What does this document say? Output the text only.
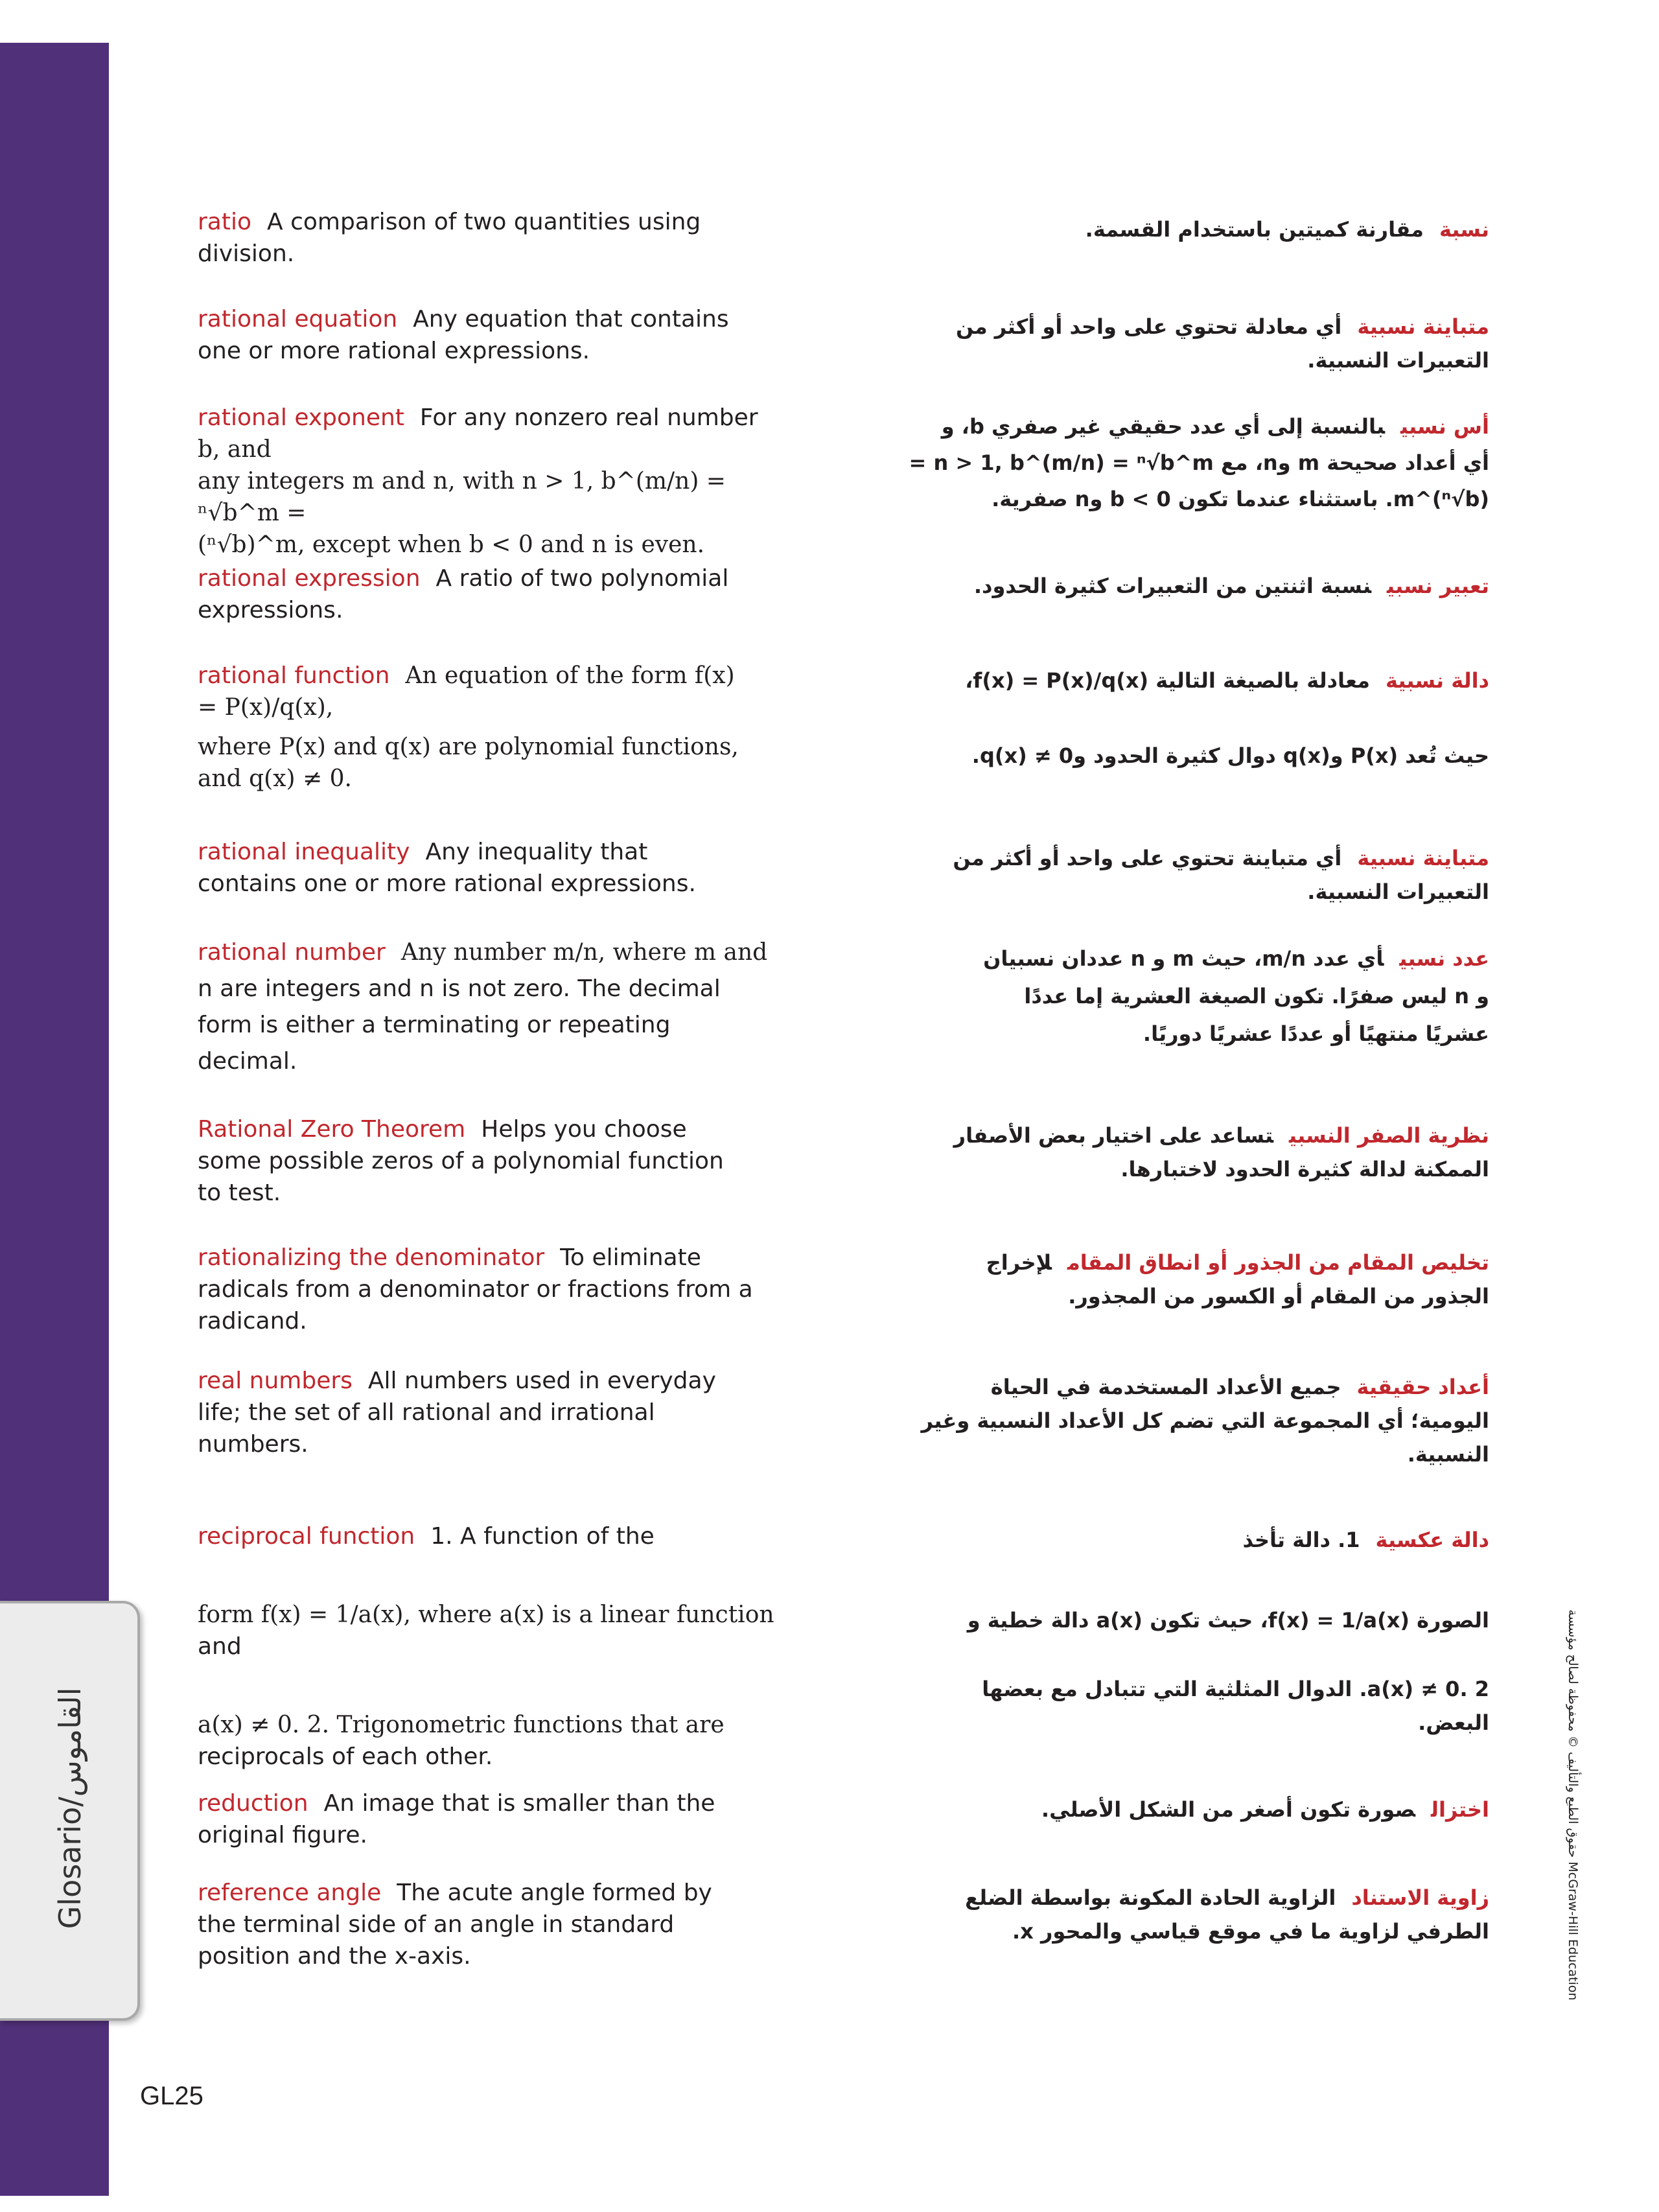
Glosario/القاموس
ratio A comparison of two quantities using
division.
rational equation Any equation that contains
one or more rational expressions.
rational exponent For any nonzero real number
b, and
any integers m and n, with n > 1, b^(m/n) = ⁿ√b^m =
(ⁿ√b)^m, except when b < 0 and n is even.
rational expression A ratio of two polynomial
expressions.
rational function An equation of the form f(x)
= P(x)/q(x),
where P(x) and q(x) are polynomial functions,
and q(x) ≠ 0.
rational inequality Any inequality that
contains one or more rational expressions.
rational number Any number m/n, where m and
n are integers and n is not zero. The decimal
form is either a terminating or repeating
decimal.
Rational Zero Theorem Helps you choose
some possible zeros of a polynomial function
to test.
rationalizing the denominator To eliminate
radicals from a denominator or fractions from a
radicand.
real numbers All numbers used in everyday
life; the set of all rational and irrational
numbers.
reciprocal function 1. A function of the
form f(x) = 1/a(x), where a(x) is a linear function
and
a(x) ≠ 0. 2. Trigonometric functions that are
reciprocals of each other.
reduction An image that is smaller than the
original figure.
reference angle The acute angle formed by
the terminal side of an angle in standard
position and the x-axis.
نسبةمقارنة كميتين باستخدام القسمة.
متباينة نسبيةأي معادلة تحتوي على واحد أو أكثر من
التعبيرات النسبية.
أس نسبيبالنسبة إلى أي عدد حقيقي غير صفري b، و
أي أعداد صحيحة m وn، مع n > 1, b^(m/n) = ⁿ√b^m =
(ⁿ√b)^m. باستثناء عندما تكون b < 0 وn صفرية.
تعبير نسبينسبة اثنتين من التعبيرات كثيرة الحدود.
دالة نسبيةمعادلة بالصيغة التالية f(x) = P(x)/q(x)،
حيث تُعد P(x) وq(x) دوال كثيرة الحدود وq(x) ≠ 0.
متباينة نسبيةأي متباينة تحتوي على واحد أو أكثر من
التعبيرات النسبية.
عدد نسبيأي عدد m/n، حيث m و n عددان نسبيان
و n ليس صفرًا. تكون الصيغة العشرية إما عددًا
عشريًا منتهيًا أو عددًا عشريًا دوريًا.
نظرية الصفر النسبيتساعد على اختيار بعض الأصفار
الممكنة لدالة كثيرة الحدود لاختبارها.
تخليص المقام من الجذور أو انطاق المقاملإخراج
الجذور من المقام أو الكسور من المجذور.
أعداد حقيقيةجميع الأعداد المستخدمة في الحياة
اليومية؛ أي المجموعة التي تضم كل الأعداد النسبية وغير
النسبية.
دالة عكسية1. دالة تأخذ
الصورة f(x) = 1/a(x)، حيث تكون a(x) دالة خطية و
a(x) ≠ 0. 2. الدوال المثلثية التي تتبادل مع بعضها
البعض.
اختزالصورة تكون أصغر من الشكل الأصلي.
زاوية الاستنادالزاوية الحادة المكونة بواسطة الضلع
الطرفي لزاوية ما في موقع قياسي والمحور x.
GL25
حقوق الطبع والتأليف © محفوظة لصالح مؤسسة McGraw-Hill Education
